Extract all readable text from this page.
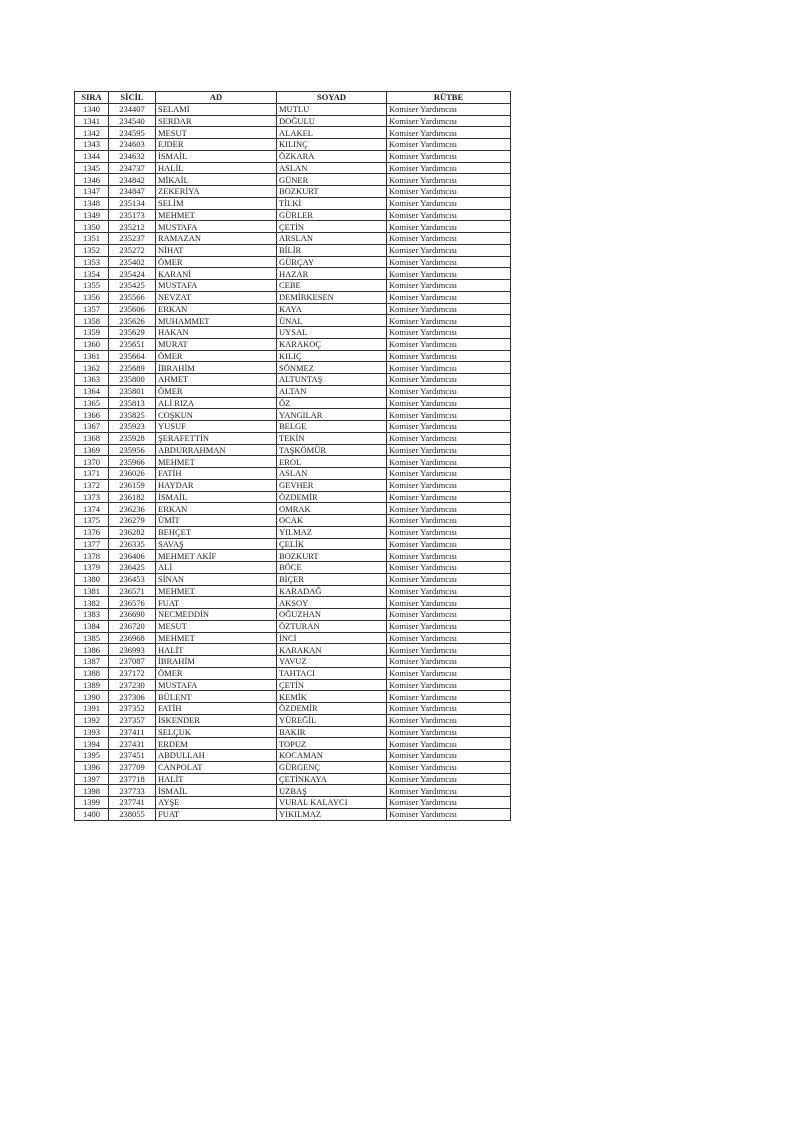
SIRA	SİCİL	AD	SOYAD	RÜTBE
1340	234407	SELAMİ	MUTLU	Komiser Yardımcısı
1341	234540	SERDAR	DOĞULU	Komiser Yardımcısı
1342	234595	MESUT	ALAKEL	Komiser Yardımcısı
1343	234603	EJDER	KILINÇ	Komiser Yardımcısı
1344	234632	İSMAİL	ÖZKARA	Komiser Yardımcısı
1345	234737	HALİL	ASLAN	Komiser Yardımcısı
1346	234842	MİKAİL	GÜNER	Komiser Yardımcısı
1347	234847	ZEKERİYA	BOZKURT	Komiser Yardımcısı
1348	235134	SELİM	TİLKİ	Komiser Yardımcısı
1349	235173	MEHMET	GÜRLER	Komiser Yardımcısı
1350	235212	MUSTAFA	ÇETİN	Komiser Yardımcısı
1351	235237	RAMAZAN	ARSLAN	Komiser Yardımcısı
1352	235272	NİHAT	BİLİR	Komiser Yardımcısı
1353	235402	ÖMER	GÜRÇAY	Komiser Yardımcısı
1354	235424	KARANİ	HAZAR	Komiser Yardımcısı
1355	235425	MUSTAFA	CEBE	Komiser Yardımcısı
1356	235566	NEVZAT	DEMİRKESEN	Komiser Yardımcısı
1357	235606	ERKAN	KAYA	Komiser Yardımcısı
1358	235626	MUHAMMET	ÜNAL	Komiser Yardımcısı
1359	235629	HAKAN	UYSAL	Komiser Yardımcısı
1360	235651	MURAT	KARAKOÇ	Komiser Yardımcısı
1361	235664	ÖMER	KILIÇ	Komiser Yardımcısı
1362	235689	İBRAHİM	SÖNMEZ	Komiser Yardımcısı
1363	235800	AHMET	ALTUNTAŞ	Komiser Yardımcısı
1364	235801	ÖMER	ALTAN	Komiser Yardımcısı
1365	235813	ALİ RIZA	ÖZ	Komiser Yardımcısı
1366	235825	COŞKUN	YANGILAR	Komiser Yardımcısı
1367	235923	YUSUF	BELGE	Komiser Yardımcısı
1368	235928	ŞERAFETTİN	TEKİN	Komiser Yardımcısı
1369	235956	ABDURRAHMAN	TAŞKÖMÜR	Komiser Yardımcısı
1370	235966	MEHMET	EROL	Komiser Yardımcısı
1371	236026	FATİH	ASLAN	Komiser Yardımcısı
1372	236159	HAYDAR	GEVHER	Komiser Yardımcısı
1373	236182	İSMAİL	ÖZDEMİR	Komiser Yardımcısı
1374	236236	ERKAN	OMRAK	Komiser Yardımcısı
1375	236279	ÜMİT	OCAK	Komiser Yardımcısı
1376	236282	BEHÇET	YILMAZ	Komiser Yardımcısı
1377	236335	SAVAŞ	ÇELİK	Komiser Yardımcısı
1378	236406	MEHMET AKİF	BOZKURT	Komiser Yardımcısı
1379	236425	ALİ	BÖCE	Komiser Yardımcısı
1380	236453	SİNAN	BİÇER	Komiser Yardımcısı
1381	236571	MEHMET	KARADAĞ	Komiser Yardımcısı
1382	236576	FUAT	AKSOY	Komiser Yardımcısı
1383	236690	NECMEDDİN	OĞUZHAN	Komiser Yardımcısı
1384	236720	MESUT	ÖZTURAN	Komiser Yardımcısı
1385	236968	MEHMET	İNCİ	Komiser Yardımcısı
1386	236993	HALİT	KARAKAN	Komiser Yardımcısı
1387	237087	İBRAHİM	YAVUZ	Komiser Yardımcısı
1388	237172	ÖMER	TAHTACI	Komiser Yardımcısı
1389	237230	MUSTAFA	ÇETİN	Komiser Yardımcısı
1390	237306	BÜLENT	KEMİK	Komiser Yardımcısı
1391	237352	FATİH	ÖZDEMİR	Komiser Yardımcısı
1392	237357	İSKENDER	YÜREĞİL	Komiser Yardımcısı
1393	237411	SELÇUK	BAKIR	Komiser Yardımcısı
1394	237431	ERDEM	TOPUZ	Komiser Yardımcısı
1395	237451	ABDULLAH	KOCAMAN	Komiser Yardımcısı
1396	237709	CANPOLAT	GÜRGENÇ	Komiser Yardımcısı
1397	237718	HALİT	ÇETİNKAYA	Komiser Yardımcısı
1398	237733	İSMAİL	UZBAŞ	Komiser Yardımcısı
1399	237741	AYŞE	VURAL KALAYCI	Komiser Yardımcısı
1400	238055	FUAT	YIKILMAZ	Komiser Yardımcısı
